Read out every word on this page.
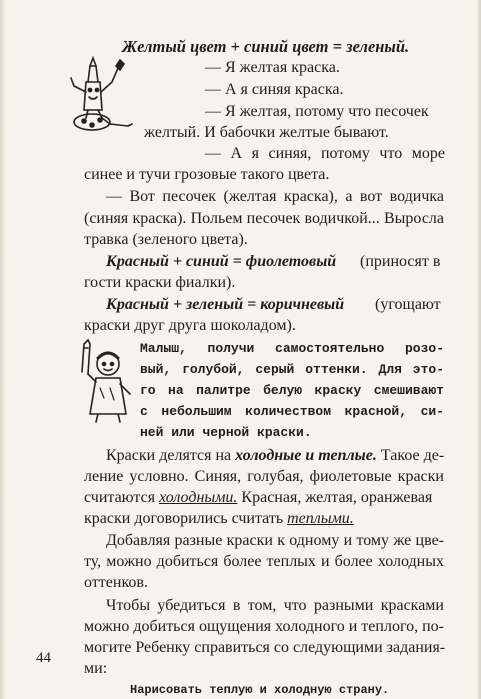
Желтый цвет + синий цвет = зеленый.
— Я желтая краска.
— А я синяя краска.
— Я желтая, потому что песочек
желтый. И бабочки желтые бывают.
— А я синяя, потому что море
синее и тучи грозовые такого цвета.
— Вот песочек (желтая краска), а вот водичка
(синяя краска). Польем песочек водичкой... Выросла
травка (зеленого цвета).
Красный + синий = фиолетовый (приносят в
гости краски фиалки).
Красный + зеленый = коричневый (угощают
краски друг друга шоколадом).
Малыш, получи самостоятельно розо-
вый, голубой, серый оттенки. Для это-
го на палитре белую краску смешивают
с небольшим количеством красной, си-
ней или черной краски.
Краски делятся на холодные и теплые. Такое де-
ление условно. Синяя, голубая, фиолетовые краски
считаются холодными. Красная, желтая, оранжевая
краски договорились считать теплыми.
Добавляя разные краски к одному и тому же цве-
ту, можно добиться более теплых и более холодных
оттенков.
Чтобы убедиться в том, что разными красками
можно добиться ощущения холодного и теплого, по-
могите Ребенку справиться со следующими задания-
ми:
Нарисовать теплую и холодную страну.
44
